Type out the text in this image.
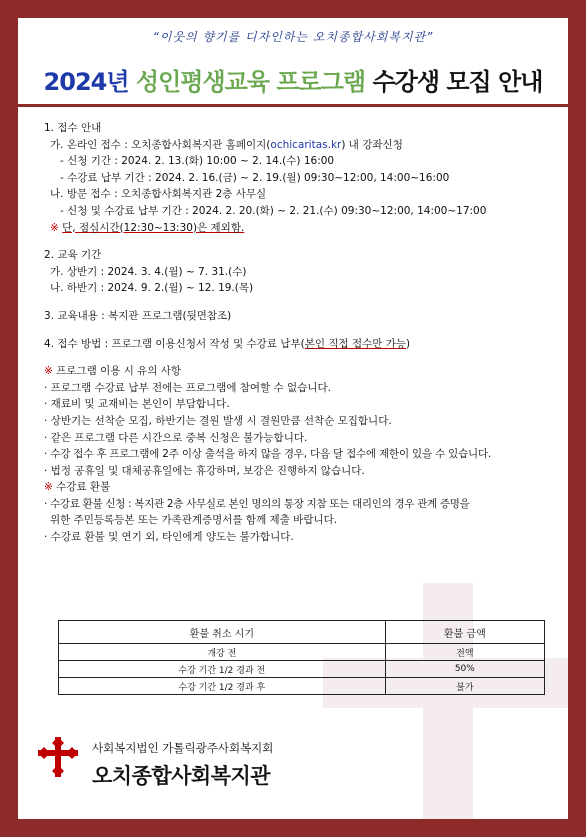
“이웃의 향기를 디자인하는 오치종합사회복지관”
2024년 성인평생교육 프로그램 수강생 모집 안내
1. 접수 안내
가. 온라인 접수 : 오치종합사회복지관 홈페이지(ochicaritas.kr) 내 강좌신청
- 신청 기간 : 2024. 2. 13.(화) 10:00 ~ 2. 14.(수) 16:00
- 수강료 납부 기간 : 2024. 2. 16.(금) ~ 2. 19.(월) 09:30~12:00, 14:00~16:00
나. 방문 접수 : 오치종합사회복지관 2층 사무실
- 신청 및 수강료 납부 기간 : 2024. 2. 20.(화) ~ 2. 21.(수) 09:30~12:00, 14:00~17:00
※ 단, 점심시간(12:30~13:30)은 제외함.
2. 교육 기간
가. 상반기 : 2024. 3. 4.(월) ~ 7. 31.(수)
나. 하반기 : 2024. 9. 2.(월) ~ 12. 19.(목)
3. 교육내용 : 복지관 프로그램(뒷면참조)
4. 접수 방법 : 프로그램 이용신청서 작성 및 수강료 납부(본인 직접 접수만 가능)
※ 프로그램 이용 시 유의 사항
· 프로그램 수강료 납부 전에는 프로그램에 참여할 수 없습니다.
· 재료비 및 교재비는 본인이 부담합니다.
· 상반기는 선착순 모집, 하반기는 결원 발생 시 결원만큼 선착순 모집합니다.
· 같은 프로그램 다른 시간으로 중복 신청은 불가능합니다.
· 수강 접수 후 프로그램에 2주 이상 출석을 하지 않을 경우, 다음 달 접수에 제한이 있을 수 있습니다.
· 법정 공휴일 및 대체공휴일에는 휴강하며, 보강은 진행하지 않습니다.
※ 수강료 환불
· 수강료 환불 신청 : 복지관 2층 사무실로 본인 명의의 통장 지참 또는 대리인의 경우 관계 증명을
위한 주민등록등본 또는 가족관계증명서를 함께 제출 바랍니다.
· 수강료 환불 및 연기 외, 타인에게 양도는 불가합니다.
환불 취소 시기	환불 금액
개강 전	전액
수강 기간 1/2 경과 전	50%
수강 기간 1/2 경과 후	불가
사회복지법인 가톨릭광주사회복지회
오치종합사회복지관
